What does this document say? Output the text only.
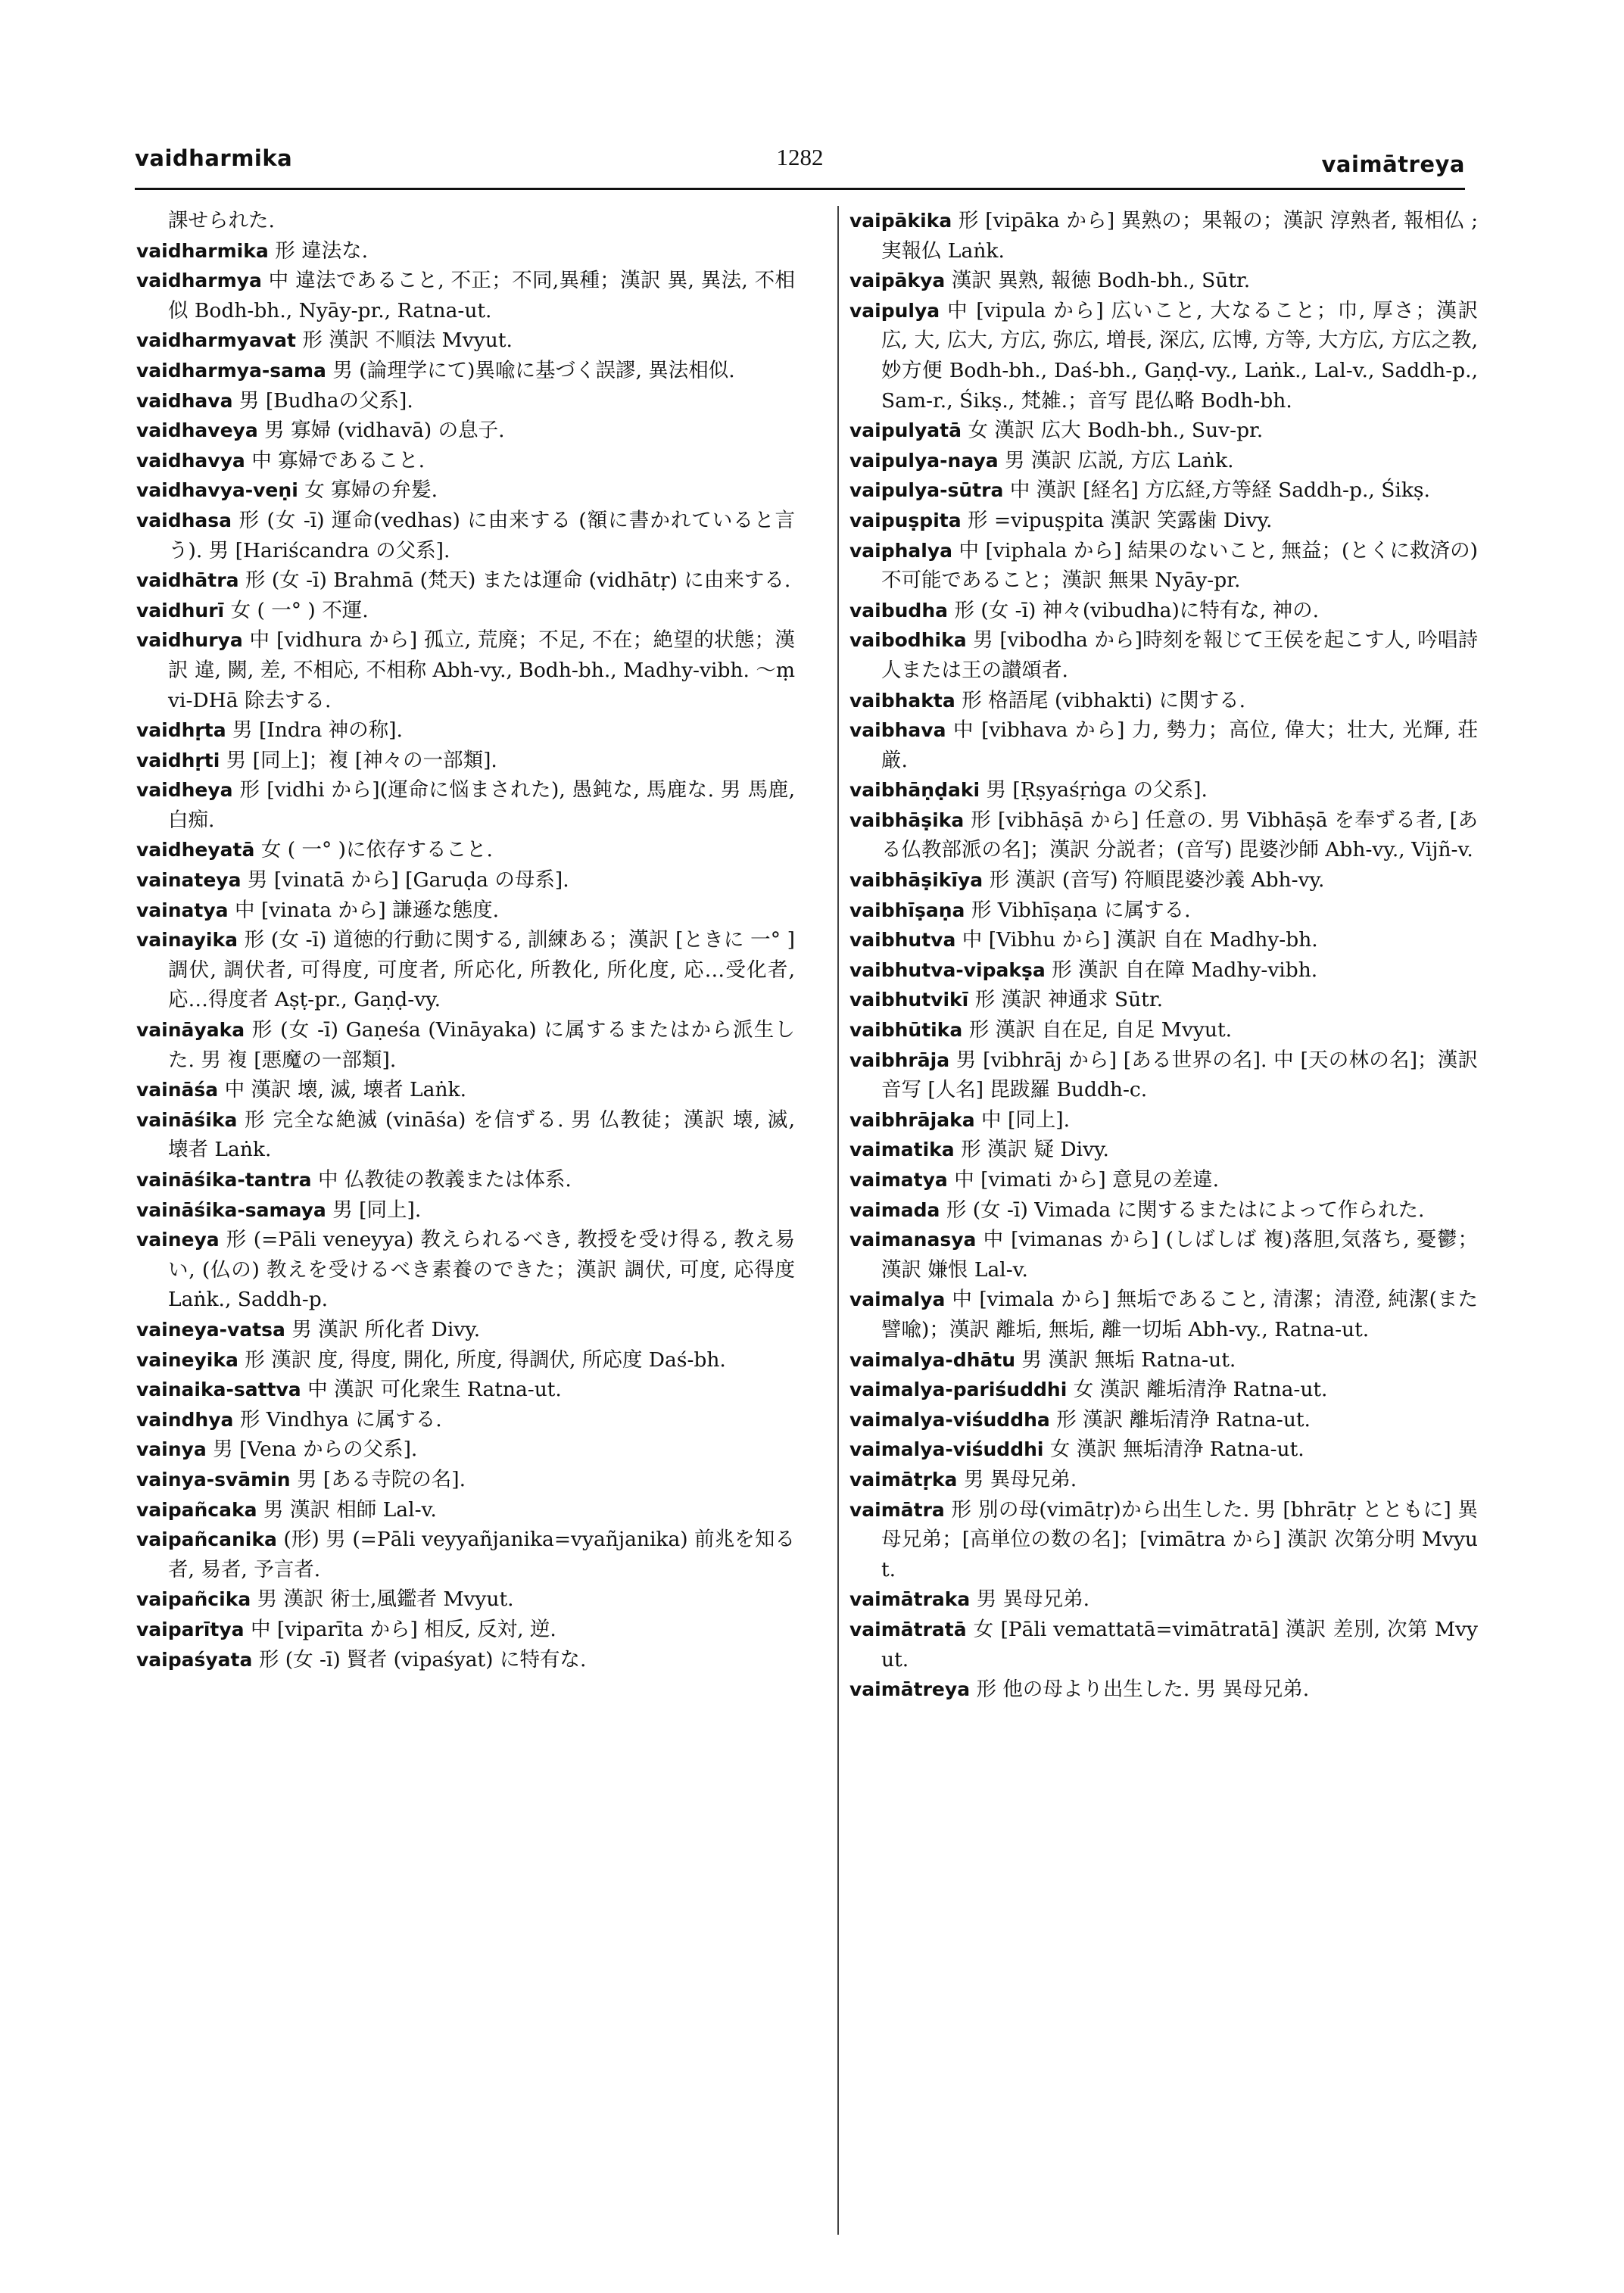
vaidharmika	1282	vaimātreya

課せられた.

vaidharmika 形 違法な.

vaidharmya 中 違法であること, 不正；不同,異種；漢訳 異, 異法, 不相似 Bodh-bh., Nyāy-pr., Ratna-ut.

vaidharmyavat 形 漢訳 不順法 Mvyut.

vaidharmya-sama 男 (論理学にて)異喩に基づく誤謬, 異法相似.

vaidhava 男 [Budhaの父系].

vaidhaveya 男 寡婦 (vidhavā) の息子.

vaidhavya 中 寡婦であること.

vaidhavya-veṇi 女 寡婦の弁髪.

vaidhasa 形 (女 -ī) 運命(vedhas) に由来する (額に書かれていると言う). 男 [Hariścandra の父系].

vaidhātra 形 (女 -ī) Brahmā (梵天) または運命 (vidhātṛ) に由来する.

vaidhurī 女 ( 一° ) 不運.

vaidhurya 中 [vidhura から] 孤立, 荒廃；不足, 不在；絶望的状態；漢訳 違, 闕, 差, 不相応, 不相称 Abh-vy., Bodh-bh., Madhy-vibh. ～ṃ vi-DHā 除去する.

vaidhṛta 男 [Indra 神の称].

vaidhṛti 男 [同上]；複 [神々の一部類].

vaidheya 形 [vidhi から](運命に悩まされた), 愚鈍な, 馬鹿な. 男 馬鹿, 白痴.

vaidheyatā 女 ( 一° )に依存すること.

vainateya 男 [vinatā から] [Garuḍa の母系].

vainatya 中 [vinata から] 謙遜な態度.

vainayika 形 (女 -ī) 道徳的行動に関する, 訓練ある；漢訳 [ときに 一° ] 調伏, 調伏者, 可得度, 可度者, 所応化, 所教化, 所化度, 応…受化者, 応…得度者 Aṣṭ-pr., Gaṇḍ-vy.

vaināyaka 形 (女 -ī) Gaṇeśa (Vināyaka) に属するまたはから派生した. 男 複 [悪魔の一部類].

vaināśa 中 漢訳 壊, 滅, 壊者 Laṅk.

vaināśika 形 完全な絶滅 (vināśa) を信ずる. 男 仏教徒；漢訳 壊, 滅, 壊者 Laṅk.

vaināśika-tantra 中 仏教徒の教義または体系.

vaināśika-samaya 男 [同上].

vaineya 形 (=Pāli veneyya) 教えられるべき, 教授を受け得る, 教え易い, (仏の) 教えを受けるべき素養のできた；漢訳 調伏, 可度, 応得度 Laṅk., Saddh-p.

vaineya-vatsa 男 漢訳 所化者 Divy.

vaineyika 形 漢訳 度, 得度, 開化, 所度, 得調伏, 所応度 Daś-bh.

vainaika-sattva 中 漢訳 可化衆生 Ratna-ut.

vaindhya 形 Vindhya に属する.

vainya 男 [Vena からの父系].

vainya-svāmin 男 [ある寺院の名].

vaipañcaka 男 漢訳 相師 Lal-v.

vaipañcanika (形) 男 (=Pāli veyyañjanika=vyañjanika) 前兆を知る者, 易者, 予言者.

vaipañcika 男 漢訳 術士,風鑑者 Mvyut.

vaiparītya 中 [viparīta から] 相反, 反対, 逆.

vaipaśyata 形 (女 -ī) 賢者 (vipaśyat) に特有な.

vaipākika 形 [vipāka から] 異熟の；果報の；漢訳 淳熟者, 報相仏 ;実報仏 Laṅk.

vaipākya 漢訳 異熟, 報徳 Bodh-bh., Sūtr.

vaipulya 中 [vipula から] 広いこと, 大なること；巾, 厚さ；漢訳 広, 大, 広大, 方広, 弥広, 増長, 深広, 広博, 方等, 大方広, 方広之教, 妙方便 Bodh-bh., Daś-bh., Gaṇḍ-vy., Laṅk., Lal-v., Saddh-p., Sam-r., Śikṣ., 梵雑.；音写 毘仏略 Bodh-bh.

vaipulyatā 女 漢訳 広大 Bodh-bh., Suv-pr.

vaipulya-naya 男 漢訳 広説, 方広 Laṅk.

vaipulya-sūtra 中 漢訳 [経名] 方広経,方等経 Saddh-p., Śikṣ.

vaipuṣpita 形 =vipuṣpita 漢訳 笑露歯 Divy.

vaiphalya 中 [viphala から] 結果のないこと, 無益；(とくに救済の)不可能であること；漢訳 無果 Nyāy-pr.

vaibudha 形 (女 -ī) 神々(vibudha)に特有な, 神の.

vaibodhika 男 [vibodha から]時刻を報じて王侯を起こす人, 吟唱詩人または王の讃頌者.

vaibhakta 形 格語尾 (vibhakti) に関する.

vaibhava 中 [vibhava から] 力, 勢力；高位, 偉大；壮大, 光輝, 荘厳.

vaibhāṇḍaki 男 [Ṛṣyaśṛṅga の父系].

vaibhāṣika 形 [vibhāṣā から] 任意の. 男 Vibhāṣā を奉ずる者, [ある仏教部派の名]；漢訳 分説者；(音写) 毘婆沙師 Abh-vy., Vijñ-v.

vaibhāṣikīya 形 漢訳 (音写) 符順毘婆沙義 Abh-vy.

vaibhīṣaṇa 形 Vibhīṣaṇa に属する.

vaibhutva 中 [Vibhu から] 漢訳 自在 Madhy-bh.

vaibhutva-vipakṣa 形 漢訳 自在障 Madhy-vibh.

vaibhutvikī 形 漢訳 神通求 Sūtr.

vaibhūtika 形 漢訳 自在足, 自足 Mvyut.

vaibhrāja 男 [vibhrāj から] [ある世界の名]. 中 [天の林の名]；漢訳 音写 [人名] 毘跋羅 Buddh-c.

vaibhrājaka 中 [同上].

vaimatika 形 漢訳 疑 Divy.

vaimatya 中 [vimati から] 意見の差違.

vaimada 形 (女 -ī) Vimada に関するまたはによって作られた.

vaimanasya 中 [vimanas から] (しばしば 複)落胆,気落ち, 憂鬱；漢訳 嫌恨 Lal-v.

vaimalya 中 [vimala から] 無垢であること, 清潔；清澄, 純潔(また 譬喩)；漢訳 離垢, 無垢, 離一切垢 Abh-vy., Ratna-ut.

vaimalya-dhātu 男 漢訳 無垢 Ratna-ut.

vaimalya-pariśuddhi 女 漢訳 離垢清浄 Ratna-ut.

vaimalya-viśuddha 形 漢訳 離垢清浄 Ratna-ut.

vaimalya-viśuddhi 女 漢訳 無垢清浄 Ratna-ut.

vaimātṛka 男 異母兄弟.

vaimātra 形 別の母(vimātṛ)から出生した. 男 [bhrātṛ とともに] 異母兄弟；[高単位の数の名]；[vimātra から] 漢訳 次第分明 Mvyut.

vaimātraka 男 異母兄弟.

vaimātratā 女 [Pāli vemattatā=vimātratā] 漢訳 差別, 次第 Mvyut.

vaimātreya 形 他の母より出生した. 男 異母兄弟.
